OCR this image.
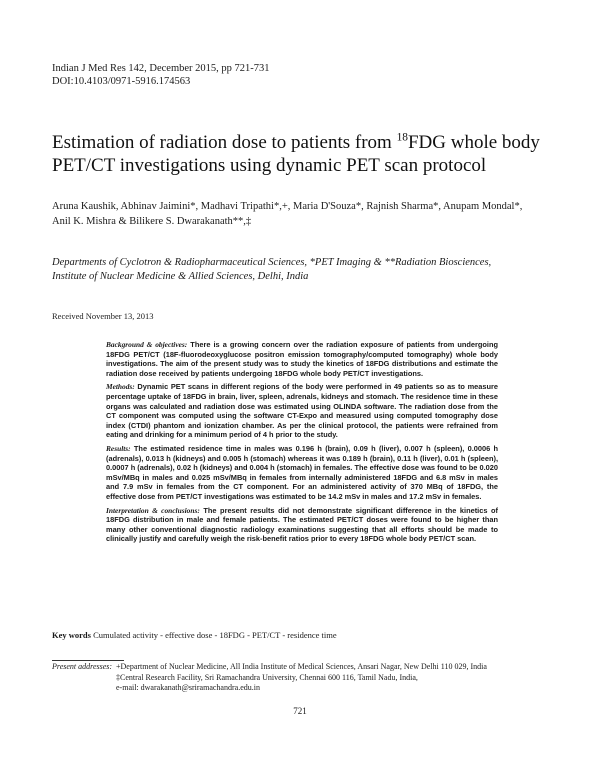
Indian J Med Res 142, December 2015, pp 721-731
DOI:10.4103/0971-5916.174563
Estimation of radiation dose to patients from $^{18}$FDG whole body PET/CT investigations using dynamic PET scan protocol
Aruna Kaushik, Abhinav Jaimini*, Madhavi Tripathi*,+, Maria D'Souza*, Rajnish Sharma*, Anupam Mondal*,
Anil K. Mishra & Bilikere S. Dwarakanath**,‡
Departments of Cyclotron & Radiopharmaceutical Sciences, *PET Imaging & **Radiation Biosciences,
Institute of Nuclear Medicine & Allied Sciences, Delhi, India
Received November 13, 2013

Background & objectives: There is a growing concern over the radiation exposure of patients from undergoing 18FDG PET/CT (18F-fluorodeoxyglucose positron emission tomography/computed tomography) whole body investigations. The aim of the present study was to study the kinetics of 18FDG distributions and estimate the radiation dose received by patients undergoing 18FDG whole body PET/CT investigations.

Methods: Dynamic PET scans in different regions of the body were performed in 49 patients so as to measure percentage uptake of 18FDG in brain, liver, spleen, adrenals, kidneys and stomach. The residence time in these organs was calculated and radiation dose was estimated using OLINDA software. The radiation dose from the CT component was computed using the software CT-Expo and measured using computed tomography dose index (CTDI) phantom and ionization chamber. As per the clinical protocol, the patients were refrained from eating and drinking for a minimum period of 4 h prior to the study.

Results: The estimated residence time in males was 0.196 h (brain), 0.09 h (liver), 0.007 h (spleen), 0.0006 h (adrenals), 0.013 h (kidneys) and 0.005 h (stomach) whereas it was 0.189 h (brain), 0.11 h (liver), 0.01 h (spleen), 0.0007 h (adrenals), 0.02 h (kidneys) and 0.004 h (stomach) in females. The effective dose was found to be 0.020 mSv/MBq in males and 0.025 mSv/MBq in females from internally administered 18FDG and 6.8 mSv in males and 7.9 mSv in females from the CT component. For an administered activity of 370 MBq of 18FDG, the effective dose from PET/CT investigations was estimated to be 14.2 mSv in males and 17.2 mSv in females.

Interpretation & conclusions: The present results did not demonstrate significant difference in the kinetics of 18FDG distribution in male and female patients. The estimated PET/CT doses were found to be higher than many other conventional diagnostic radiology examinations suggesting that all efforts should be made to clinically justify and carefully weigh the risk-benefit ratios prior to every 18FDG whole body PET/CT scan.

Key words Cumulated activity - effective dose - 18FDG - PET/CT - residence time
Present addresses: +Department of Nuclear Medicine, All India Institute of Medical Sciences, Ansari Nagar, New Delhi 110 029, India
‡Central Research Facility, Sri Ramachandra University, Chennai 600 116, Tamil Nadu, India,
e-mail: dwarakanath@sriramachandra.edu.in
721
